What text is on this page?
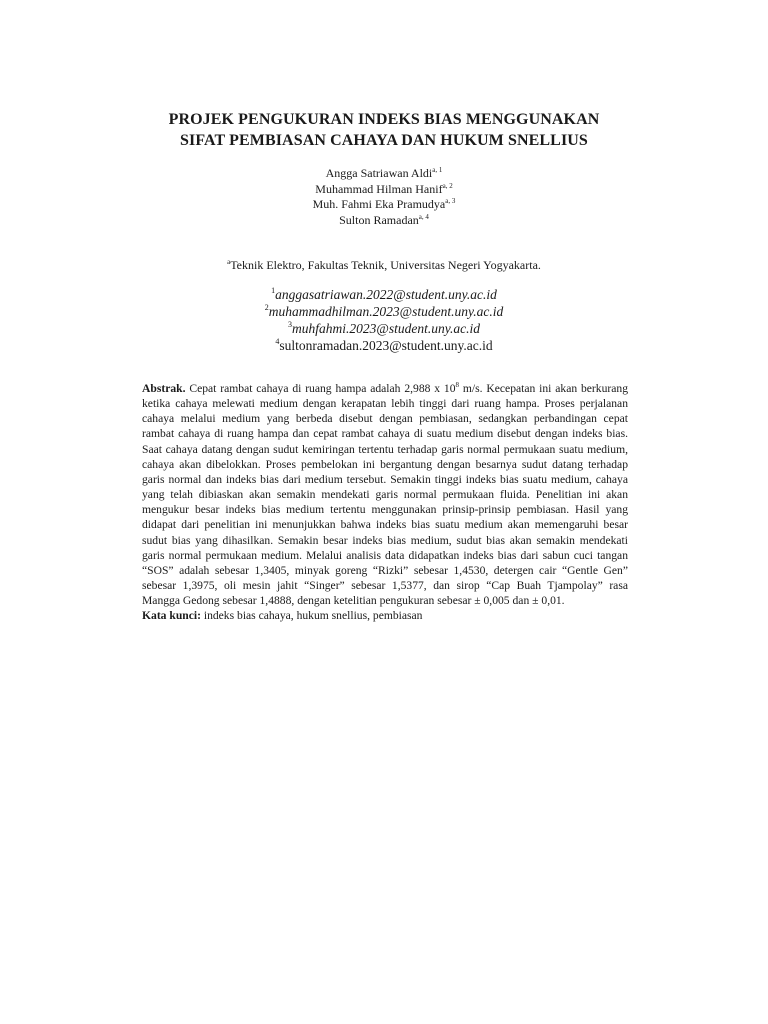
PROJEK PENGUKURAN INDEKS BIAS MENGGUNAKAN
SIFAT PEMBIASAN CAHAYA DAN HUKUM SNELLIUS
Angga Satriawan Aldi$^{a, 1}$
Muhammad Hilman Hanif$^{a, 2}$
Muh. Fahmi Eka Pramudya$^{a, 3}$
Sulton Ramadan$^{a, 4}$
$^a$Teknik Elektro, Fakultas Teknik, Universitas Negeri Yogyakarta.
$^1$anggasatriawan.2022@student.uny.ac.id
$^2$muhammadhilman.2023@student.uny.ac.id
$^3$muhfahmi.2023@student.uny.ac.id
$^4$sultonramadan.2023@student.uny.ac.id
Abstrak. Cepat rambat cahaya di ruang hampa adalah 2,988 x $10^8$ m/s. Kecepatan ini akan berkurang
ketika cahaya melewati medium dengan kerapatan lebih tinggi dari ruang hampa. Proses perjalanan
cahaya melalui medium yang berbeda disebut dengan pembiasan, sedangkan perbandingan cepat
rambat cahaya di ruang hampa dan cepat rambat cahaya di suatu medium disebut dengan indeks bias.
Saat cahaya datang dengan sudut kemiringan tertentu terhadap garis normal permukaan suatu medium,
cahaya akan dibelokkan. Proses pembelokan ini bergantung dengan besarnya sudut datang terhadap
garis normal dan indeks bias dari medium tersebut. Semakin tinggi indeks bias suatu medium, cahaya
yang telah dibiaskan akan semakin mendekati garis normal permukaan fluida. Penelitian ini akan
mengukur besar indeks bias medium tertentu menggunakan prinsip-prinsip pembiasan. Hasil yang
didapat dari penelitian ini menunjukkan bahwa indeks bias suatu medium akan memengaruhi besar
sudut bias yang dihasilkan. Semakin besar indeks bias medium, sudut bias akan semakin mendekati
garis normal permukaan medium. Melalui analisis data didapatkan indeks bias dari sabun cuci tangan
“SOS” adalah sebesar 1,3405, minyak goreng “Rizki” sebesar 1,4530, detergen cair “Gentle Gen”
sebesar 1,3975, oli mesin jahit “Singer” sebesar 1,5377, dan sirop “Cap Buah Tjampolay” rasa
Mangga Gedong sebesar 1,4888, dengan ketelitian pengukuran sebesar ± 0,005 dan ± 0,01.
Kata kunci: indeks bias cahaya, hukum snellius, pembiasan
